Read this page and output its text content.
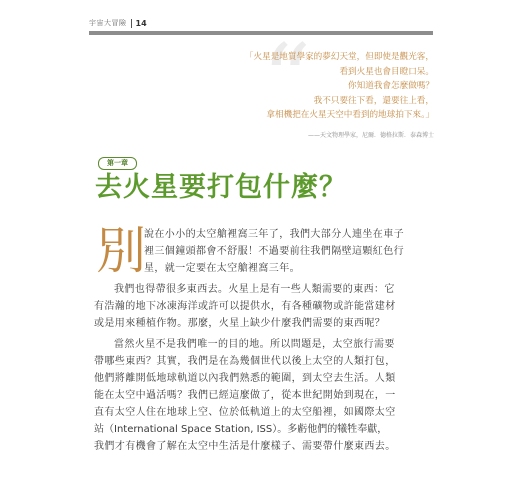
宇宙大冒險 14
“
「火星是地質學家的夢幻天堂，但即使是觀光客，
看到火星也會目瞪口呆。
你知道我會怎麼做嗎？
我不只要往下看，還要往上看，
拿相機把在火星天空中看到的地球拍下來。」
——天文物理學家，尼爾．德格拉斯．泰森博士
第一章
去火星要打包什麼？
別
說在小小的太空艙裡窩三年了，我們大部分人連坐在車子
裡三個鐘頭都會不舒服！不過要前往我們隔壁這顆紅色行
星，就一定要在太空艙裡窩三年。
我們也得帶很多東西去。火星上是有一些人類需要的東西：它
有浩瀚的地下冰凍海洋或許可以提供水，有各種礦物或許能當建材
或是用來種植作物。那麼，火星上缺少什麼我們需要的東西呢？
當然火星不是我們唯一的目的地。所以問題是，太空旅行需要
帶哪些東西？其實，我們是在為幾個世代以後上太空的人類打包，
他們將離開低地球軌道以內我們熟悉的範圍，到太空去生活。人類
能在太空中過活嗎？我們已經這麼做了，從本世紀開始到現在，一
直有太空人住在地球上空、位於低軌道上的太空船裡，如國際太空
站（International Space Station, ISS）。多虧他們的犧牲奉獻，
我們才有機會了解在太空中生活是什麼樣子、需要帶什麼東西去。
